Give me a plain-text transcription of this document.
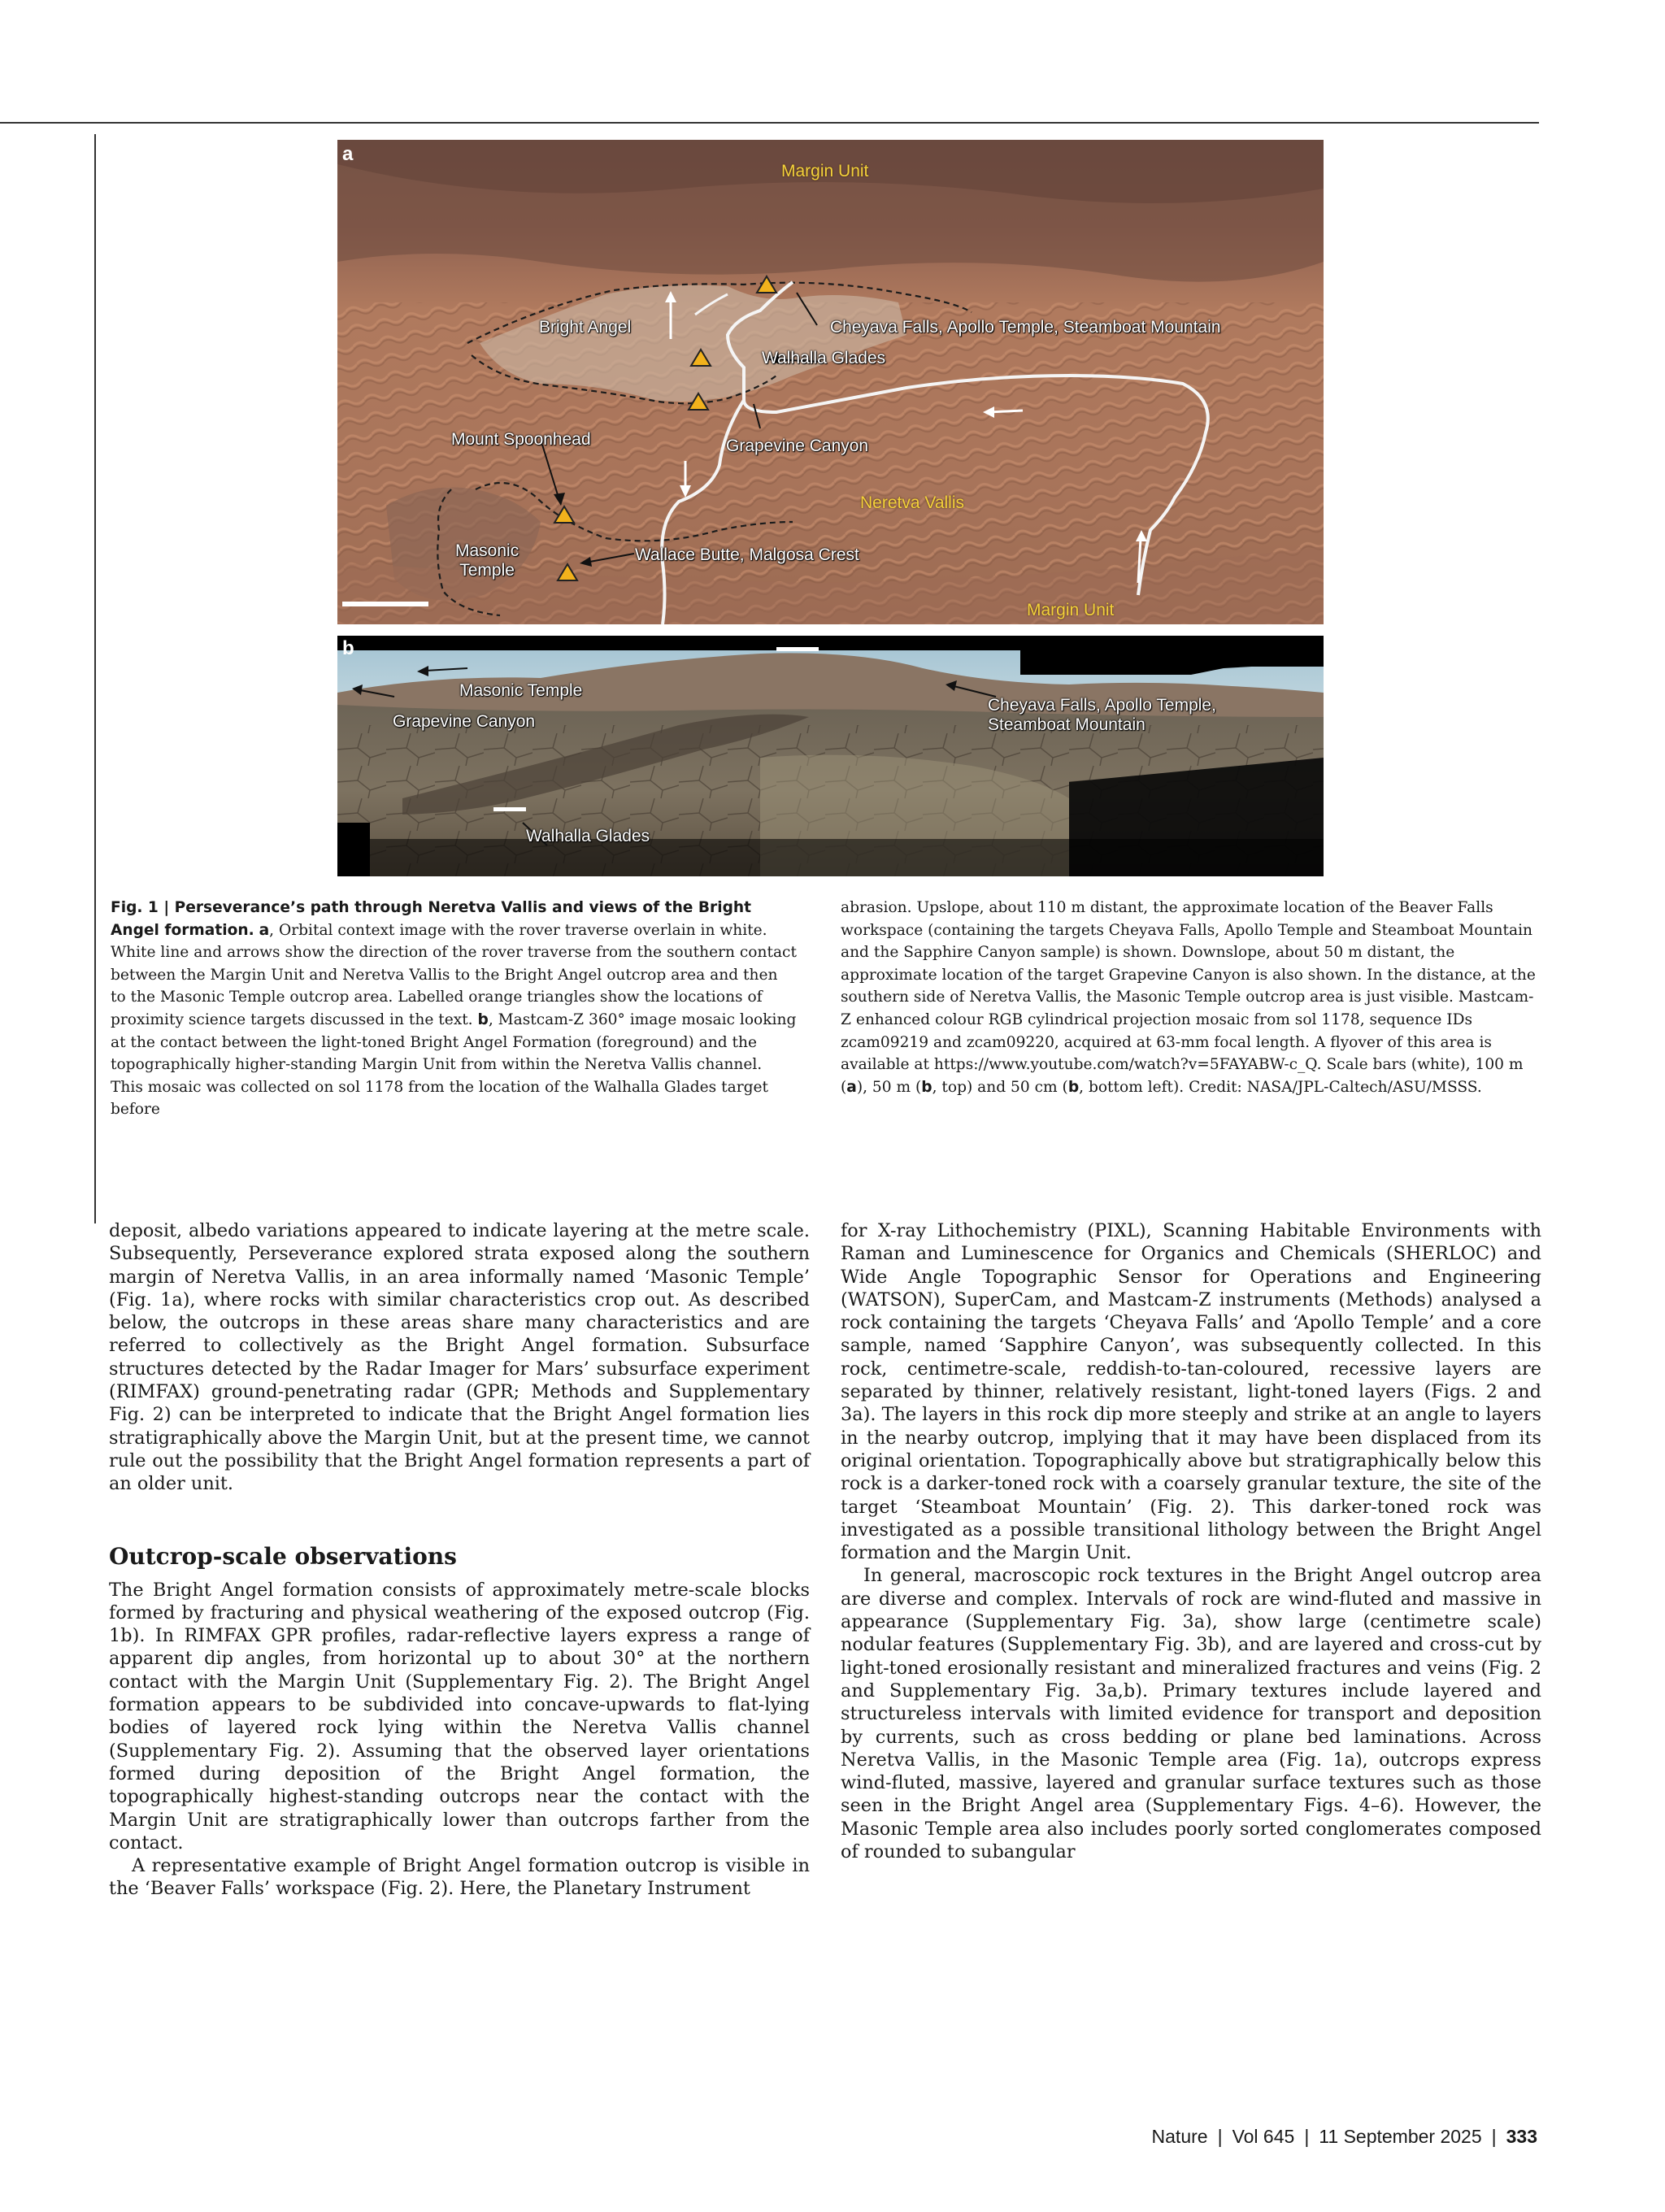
a
Margin Unit
Bright Angel	Cheyava Falls, Apollo Temple, Steamboat Mountain
Walhalla Glades
Mount Spoonhead	Grapevine Canyon
Neretva Vallis
Masonic
Temple
Wallace Butte, Malgosa Crest
Margin Unit
b
Masonic Temple
Grapevine Canyon
Cheyava Falls, Apollo Temple,
Steamboat Mountain
Walhalla Glades
Fig. 1 | Perseverance’s path through Neretva Vallis and views of the Bright Angel formation. a, Orbital context image with the rover traverse overlain in white. White line and arrows show the direction of the rover traverse from the southern contact between the Margin Unit and Neretva Vallis to the Bright Angel outcrop area and then to the Masonic Temple outcrop area. Labelled orange triangles show the locations of proximity science targets discussed in the text. b, Mastcam-Z 360° image mosaic looking at the contact between the light-toned Bright Angel Formation (foreground) and the topographically higher-standing Margin Unit from within the Neretva Vallis channel. This mosaic was collected on sol 1178 from the location of the Walhalla Glades target before
abrasion. Upslope, about 110 m distant, the approximate location of the Beaver Falls workspace (containing the targets Cheyava Falls, Apollo Temple and Steamboat Mountain and the Sapphire Canyon sample) is shown. Downslope, about 50 m distant, the approximate location of the target Grapevine Canyon is also shown. In the distance, at the southern side of Neretva Vallis, the Masonic Temple outcrop area is just visible. Mastcam-Z enhanced colour RGB cylindrical projection mosaic from sol 1178, sequence IDs zcam09219 and zcam09220, acquired at 63-mm focal length. A flyover of this area is available at https://www.youtube.com/watch?v=5FAYABW-c_Q. Scale bars (white), 100 m (a), 50 m (b, top) and 50 cm (b, bottom left). Credit: NASA/JPL-Caltech/ASU/MSSS.

deposit, albedo variations appeared to indicate layering at the metre scale. Subsequently, Perseverance explored strata exposed along the southern margin of Neretva Vallis, in an area informally named ‘Masonic Temple’ (Fig. 1a), where rocks with similar characteristics crop out. As described below, the outcrops in these areas share many characteristics and are referred to collectively as the Bright Angel formation. Subsurface structures detected by the Radar Imager for Mars’ subsurface experiment (RIMFAX) ground-penetrating radar (GPR; Methods and Supplementary Fig. 2) can be interpreted to indicate that the Bright Angel formation lies stratigraphically above the Margin Unit, but at the present time, we cannot rule out the possibility that the Bright Angel formation represents a part of an older unit.

Outcrop-scale observations

The Bright Angel formation consists of approximately metre-scale blocks formed by fracturing and physical weathering of the exposed outcrop (Fig. 1b). In RIMFAX GPR profiles, radar-reflective layers express a range of apparent dip angles, from horizontal up to about 30° at the northern contact with the Margin Unit (Supplementary Fig. 2). The Bright Angel formation appears to be subdivided into concave-upwards to flat-lying bodies of layered rock lying within the Neretva Vallis channel (Supplementary Fig. 2). Assuming that the observed layer orientations formed during deposition of the Bright Angel formation, the topographically highest-standing outcrops near the contact with the Margin Unit are stratigraphically lower than outcrops farther from the contact.

A representative example of Bright Angel formation outcrop is visible in the ‘Beaver Falls’ workspace (Fig. 2). Here, the Planetary Instrument

for X-ray Lithochemistry (PIXL), Scanning Habitable Environments with Raman and Luminescence for Organics and Chemicals (SHERLOC) and Wide Angle Topographic Sensor for Operations and Engineering (WATSON), SuperCam, and Mastcam-Z instruments (Methods) analysed a rock containing the targets ‘Cheyava Falls’ and ‘Apollo Temple’ and a core sample, named ‘Sapphire Canyon’, was subsequently collected. In this rock, centimetre-scale, reddish-to-tan-coloured, recessive layers are separated by thinner, relatively resistant, light-toned layers (Figs. 2 and 3a). The layers in this rock dip more steeply and strike at an angle to layers in the nearby outcrop, implying that it may have been displaced from its original orientation. Topographically above but stratigraphically below this rock is a darker-toned rock with a coarsely granular texture, the site of the target ‘Steamboat Mountain’ (Fig. 2). This darker-toned rock was investigated as a possible transitional lithology between the Bright Angel formation and the Margin Unit.

In general, macroscopic rock textures in the Bright Angel outcrop area are diverse and complex. Intervals of rock are wind-fluted and massive in appearance (Supplementary Fig. 3a), show large (centimetre scale) nodular features (Supplementary Fig. 3b), and are layered and cross-cut by light-toned erosionally resistant and mineralized fractures and veins (Fig. 2 and Supplementary Fig. 3a,b). Primary textures include layered and structureless intervals with limited evidence for transport and deposition by currents, such as cross bedding or plane bed laminations. Across Neretva Vallis, in the Masonic Temple area (Fig. 1a), outcrops express wind-fluted, massive, layered and granular surface textures such as those seen in the Bright Angel area (Supplementary Figs. 4–6). However, the Masonic Temple area also includes poorly sorted conglomerates composed of rounded to subangular

Nature | Vol 645 | 11 September 2025 | 333
